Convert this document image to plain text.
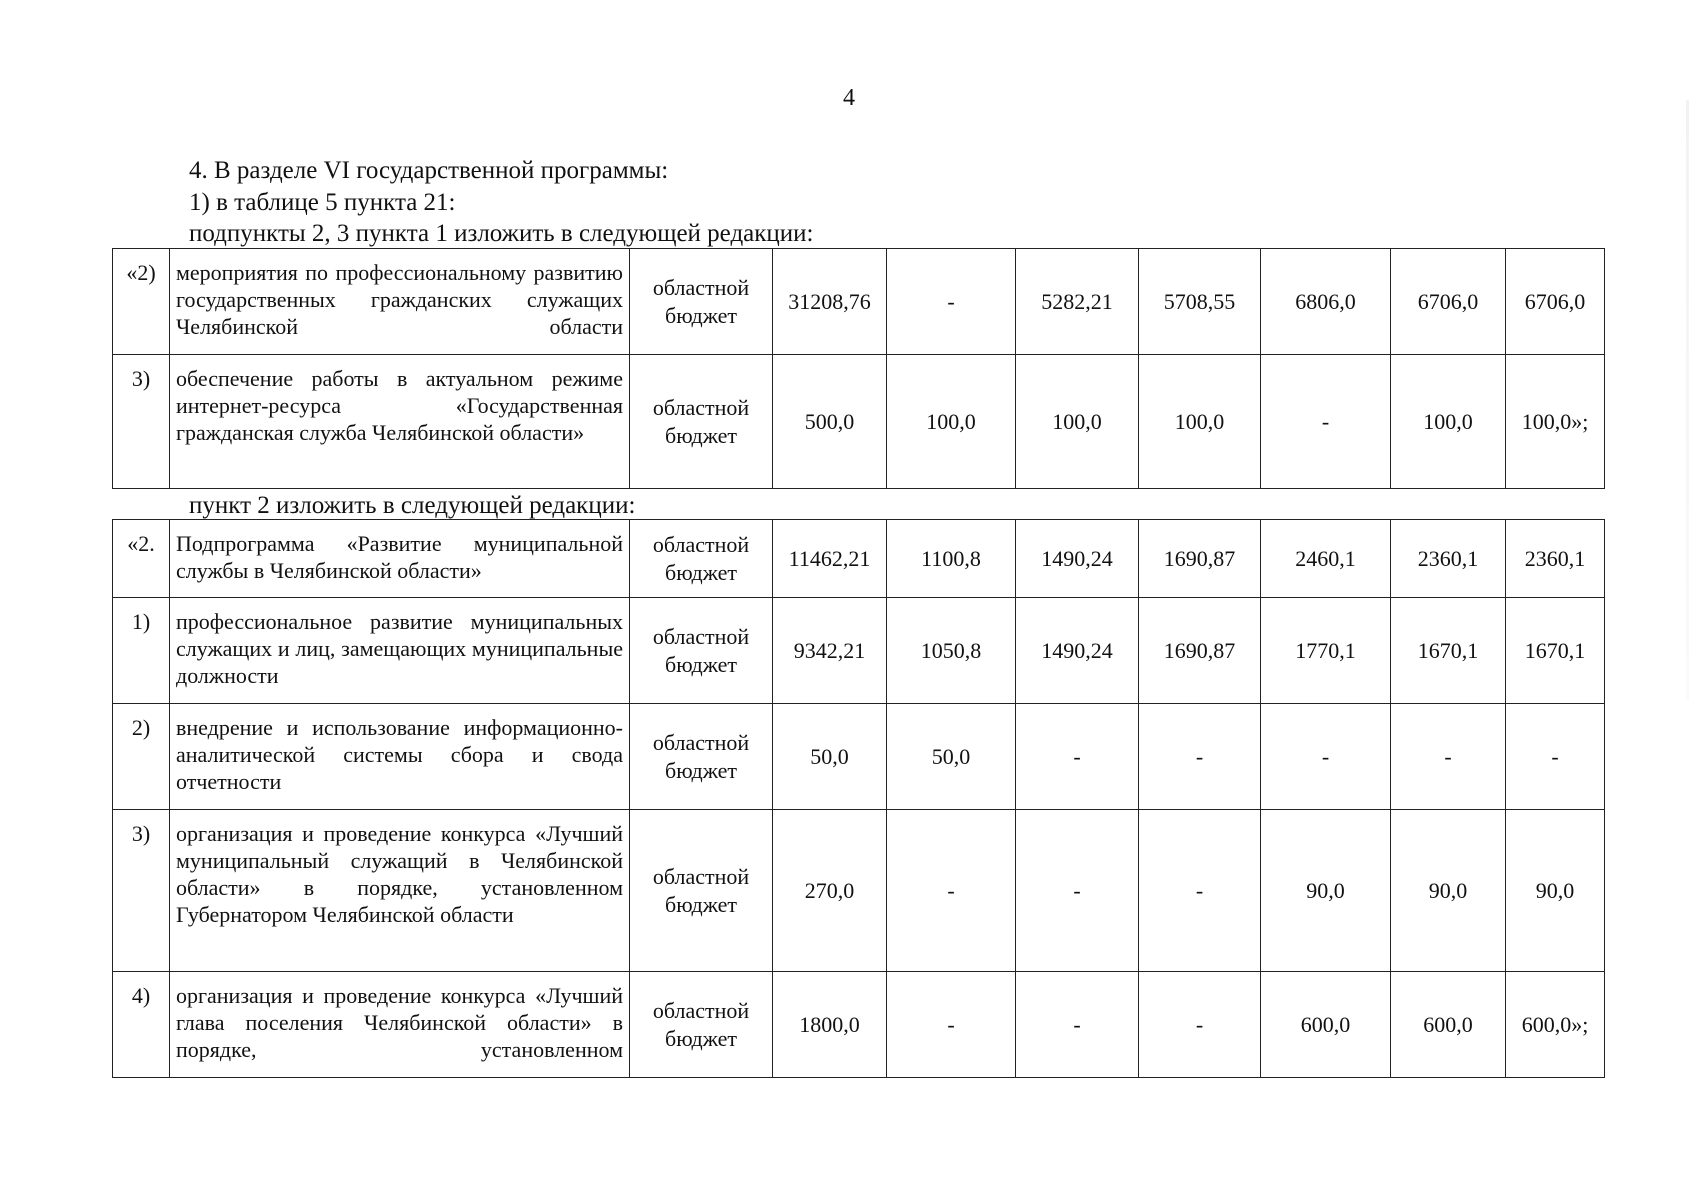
4
4. В разделе VI государственной программы:
1) в таблице 5 пункта 21:
подпункты 2, 3 пункта 1 изложить в следующей редакции:
«2)	мероприятия по профессиональному развитию государственных гражданских служащих Челябинской области	областной бюджет	31208,76	-	5282,21	5708,55	6806,0	6706,0	6706,0
3)	обеспечение работы в актуальном режиме интернет-ресурса «Государственная гражданская служба Челябинской области»	областной бюджет	500,0	100,0	100,0	100,0	-	100,0	100,0»;
пункт 2 изложить в следующей редакции:
«2.	Подпрограмма «Развитие муниципальной службы в Челябинской области»	областной бюджет	11462,21	1100,8	1490,24	1690,87	2460,1	2360,1	2360,1
1)	профессиональное развитие муниципальных служащих и лиц, замещающих муниципальные должности	областной бюджет	9342,21	1050,8	1490,24	1690,87	1770,1	1670,1	1670,1
2)	внедрение и использование информационно-аналитической системы сбора и свода отчетности	областной бюджет	50,0	50,0	-	-	-	-	-
3)	организация и проведение конкурса «Лучший муниципальный служащий в Челябинской области» в порядке, установленном Губернатором Челябинской области	областной бюджет	270,0	-	-	-	90,0	90,0	90,0
4)	организация и проведение конкурса «Лучший глава поселения Челябинской области» в порядке, установленном	областной бюджет	1800,0	-	-	-	600,0	600,0	600,0»;
